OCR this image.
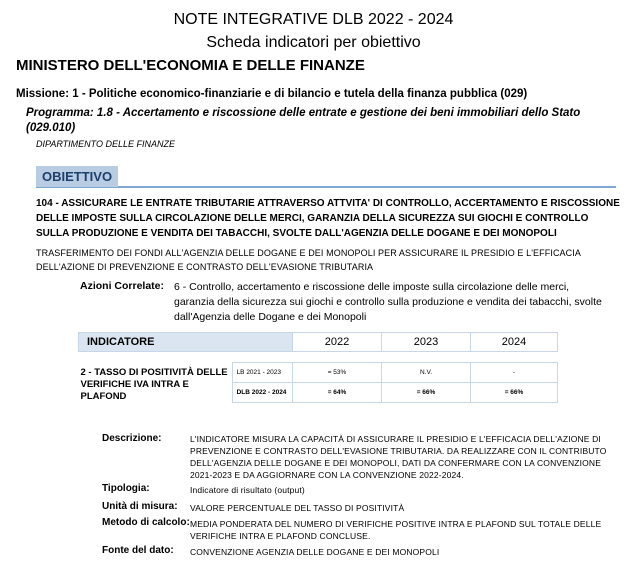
NOTE INTEGRATIVE DLB 2022 - 2024
Scheda indicatori per obiettivo
MINISTERO DELL'ECONOMIA E DELLE FINANZE
Missione: 1 - Politiche economico-finanziarie e di bilancio e tutela della finanza pubblica (029)
Programma: 1.8 - Accertamento e riscossione delle entrate e gestione dei beni immobiliari dello Stato (029.010)
DIPARTIMENTO DELLE FINANZE
OBIETTIVO
104 - ASSICURARE LE ENTRATE TRIBUTARIE ATTRAVERSO ATTVITA' DI CONTROLLO, ACCERTAMENTO E RISCOSSIONE DELLE IMPOSTE SULLA CIRCOLAZIONE DELLE MERCI, GARANZIA DELLA SICUREZZA SUI GIOCHI E CONTROLLO SULLA PRODUZIONE E VENDITA DEI TABACCHI, SVOLTE DALL'AGENZIA DELLE DOGANE E DEI MONOPOLI
TRASFERIMENTO DEI FONDI ALL'AGENZIA DELLE DOGANE E DEI MONOPOLI PER ASSICURARE IL PRESIDIO E L'EFFICACIA DELL'AZIONE DI PREVENZIONE E CONTRASTO DELL'EVASIONE TRIBUTARIA
Azioni Correlate: 6 - Controllo, accertamento e riscossione delle imposte sulla circolazione delle merci, garanzia della sicurezza sui giochi e controllo sulla produzione e vendita dei tabacchi, svolte dall'Agenzia delle Dogane e dei Monopoli
INDICATORE		2022	2023	2024

2 - TASSO DI POSITIVITÀ DELLE VERIFICHE IVA INTRA E PLAFOND	LB 2021 - 2023	= 53%	N.V.	-
	DLB 2022 - 2024	= 64%	= 66%	= 66%
Descrizione:	L'INDICATORE MISURA LA CAPACITÀ DI ASSICURARE IL PRESIDIO E L'EFFICACIA DELL'AZIONE DI PREVENZIONE E CONTRASTO DELL'EVASIONE TRIBUTARIA. DA REALIZZARE CON IL CONTRIBUTO DELL'AGENZIA DELLE DOGANE E DEI MONOPOLI, DATI DA CONFERMARE CON LA CONVENZIONE 2021-2023 E DA AGGIORNARE CON LA CONVENZIONE 2022-2024.
Tipologia:	Indicatore di risultato (output)
Unità di misura: VALORE PERCENTUALE DEL TASSO DI POSITIVITÀ
Metodo di calcolo: MEDIA PONDERATA DEL NUMERO DI VERIFICHE POSITIVE INTRA E PLAFOND SUL TOTALE DELLE VERIFICHE INTRA E PLAFOND CONCLUSE.
Fonte del dato: CONVENZIONE AGENZIA DELLE DOGANE E DEI MONOPOLI
